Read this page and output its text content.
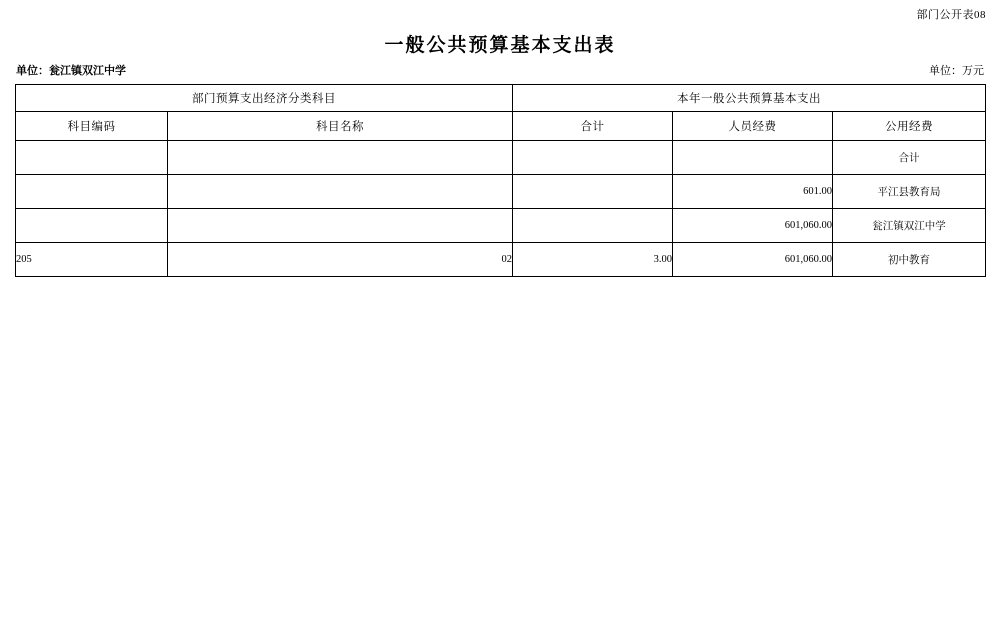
部门公开表08
一般公共预算基本支出表
单位：瓮江镇双江中学	单位：万元
部门预算支出经济分类科目		本年一般公共预算基本支出		
科目编码	科目名称	合计	人员经费	公用经费
				合计
			601.00	平江县教育局
			601,060.00	瓮江镇双江中学
205	02	3.00	601,060.00	初中教育
